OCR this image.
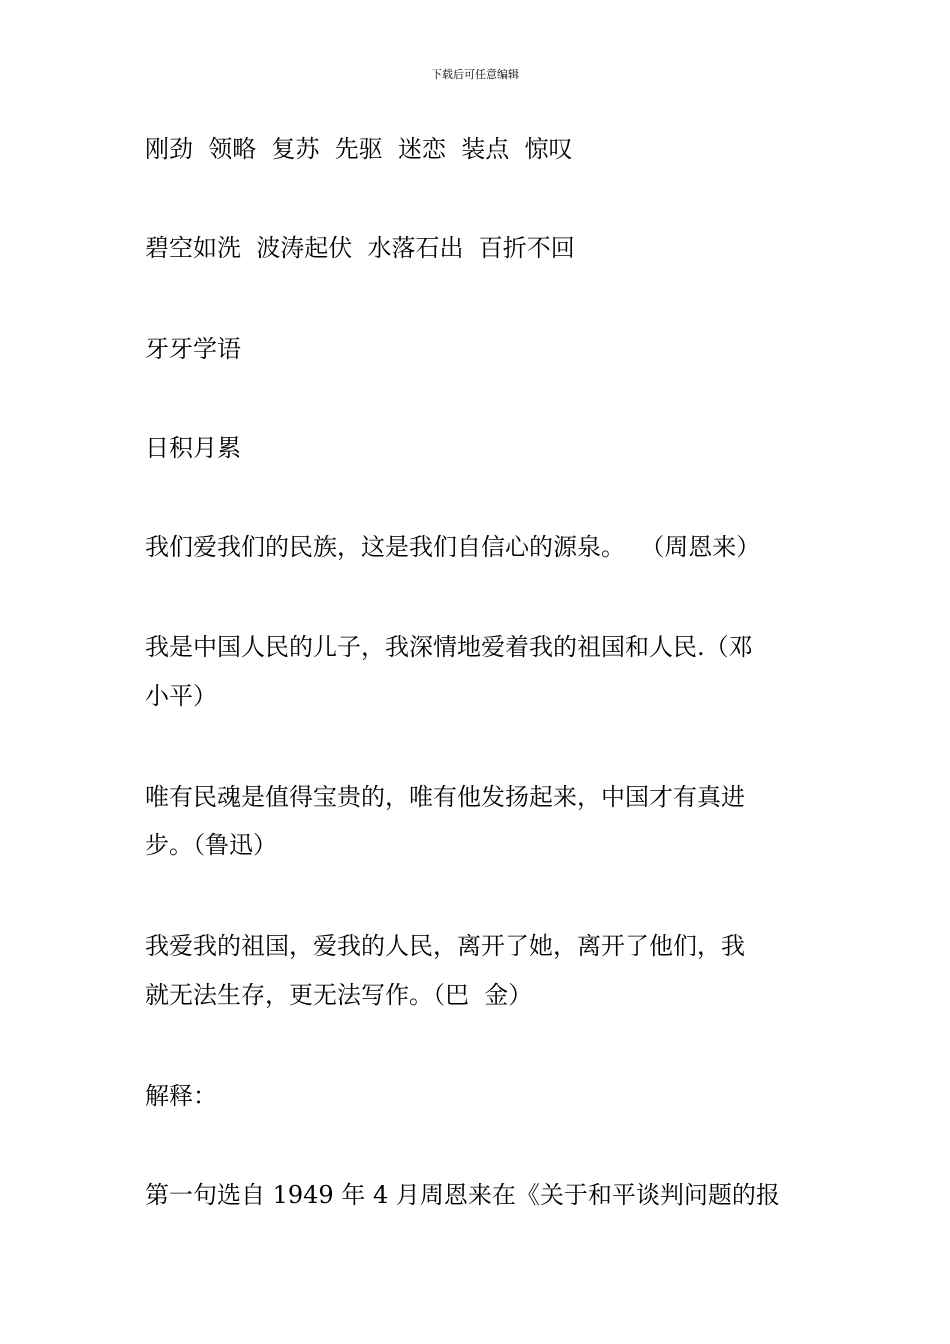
下载后可任意编辑
刚劲  领略  复苏  先驱  迷恋  装点  惊叹
碧空如洗  波涛起伏  水落石出  百折不回
牙牙学语
日积月累
我们爱我们的民族，这是我们自信心的源泉。  （周恩来）
我是中国人民的儿子，我深情地爱着我的祖国和人民.（邓
小平）
唯有民魂是值得宝贵的，唯有他发扬起来，中国才有真进
步。（鲁迅）
我爱我的祖国，爱我的人民，离开了她，离开了他们，我
就无法生存，更无法写作。（巴  金）
解释：
第一句选自 1949 年 4 月周恩来在《关于和平谈判问题的报
